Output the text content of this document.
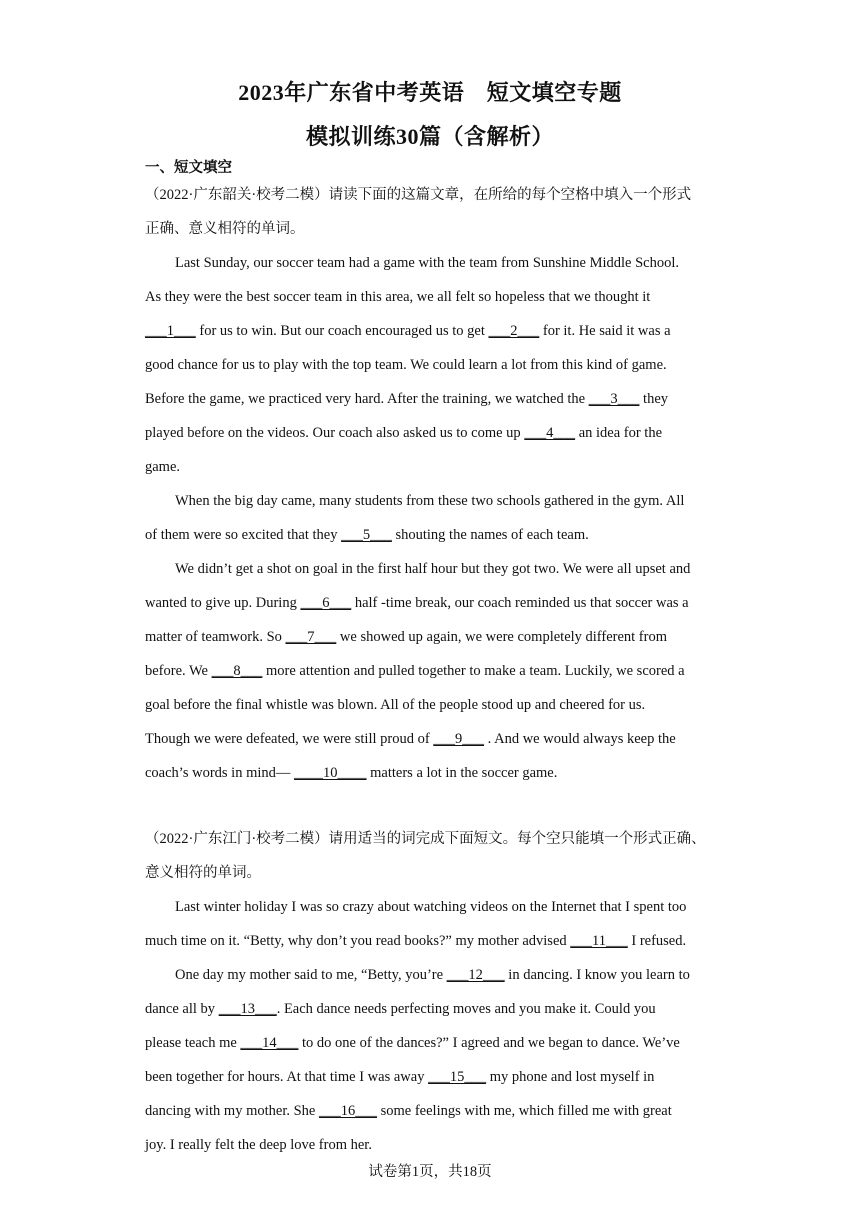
2023年广东省中考英语　短文填空专题
模拟训练30篇（含解析）
一、短文填空
（2022·广东韶关·校考二模）请读下面的这篇文章，在所给的每个空格中填入一个形式
正确、意义相符的单词。
Last Sunday, our soccer team had a game with the team from Sunshine Middle School.
As they were the best soccer team in this area, we all felt so hopeless that we thought it
___1___ for us to win. But our coach encouraged us to get ___2___ for it. He said it was a
good chance for us to play with the top team. We could learn a lot from this kind of game.
Before the game, we practiced very hard. After the training, we watched the ___3___ they
played before on the videos. Our coach also asked us to come up ___4___ an idea for the
game.
When the big day came, many students from these two schools gathered in the gym. All
of them were so excited that they ___5___ shouting the names of each team.
We didn’t get a shot on goal in the first half hour but they got two. We were all upset and
wanted to give up. During ___6___ half -time break, our coach reminded us that soccer was a
matter of teamwork. So ___7___ we showed up again, we were completely different from
before. We ___8___ more attention and pulled together to make a team. Luckily, we scored a
goal before the final whistle was blown. All of the people stood up and cheered for us.
Though we were defeated, we were still proud of ___9___ . And we would always keep the
coach’s words in mind— ____10____ matters a lot in the soccer game.
（2022·广东江门·校考二模）请用适当的词完成下面短文。每个空只能填一个形式正确、
意义相符的单词。
Last winter holiday I was so crazy about watching videos on the Internet that I spent too
much time on it. “Betty, why don’t you read books?” my mother advised ___11___ I refused.
One day my mother said to me, “Betty, you’re ___12___ in dancing. I know you learn to
dance all by ___13___. Each dance needs perfecting moves and you make it. Could you
please teach me ___14___ to do one of the dances?” I agreed and we began to dance. We’ve
been together for hours. At that time I was away ___15___ my phone and lost myself in
dancing with my mother. She ___16___ some feelings with me, which filled me with great
joy. I really felt the deep love from her.
试卷第1页，共18页
